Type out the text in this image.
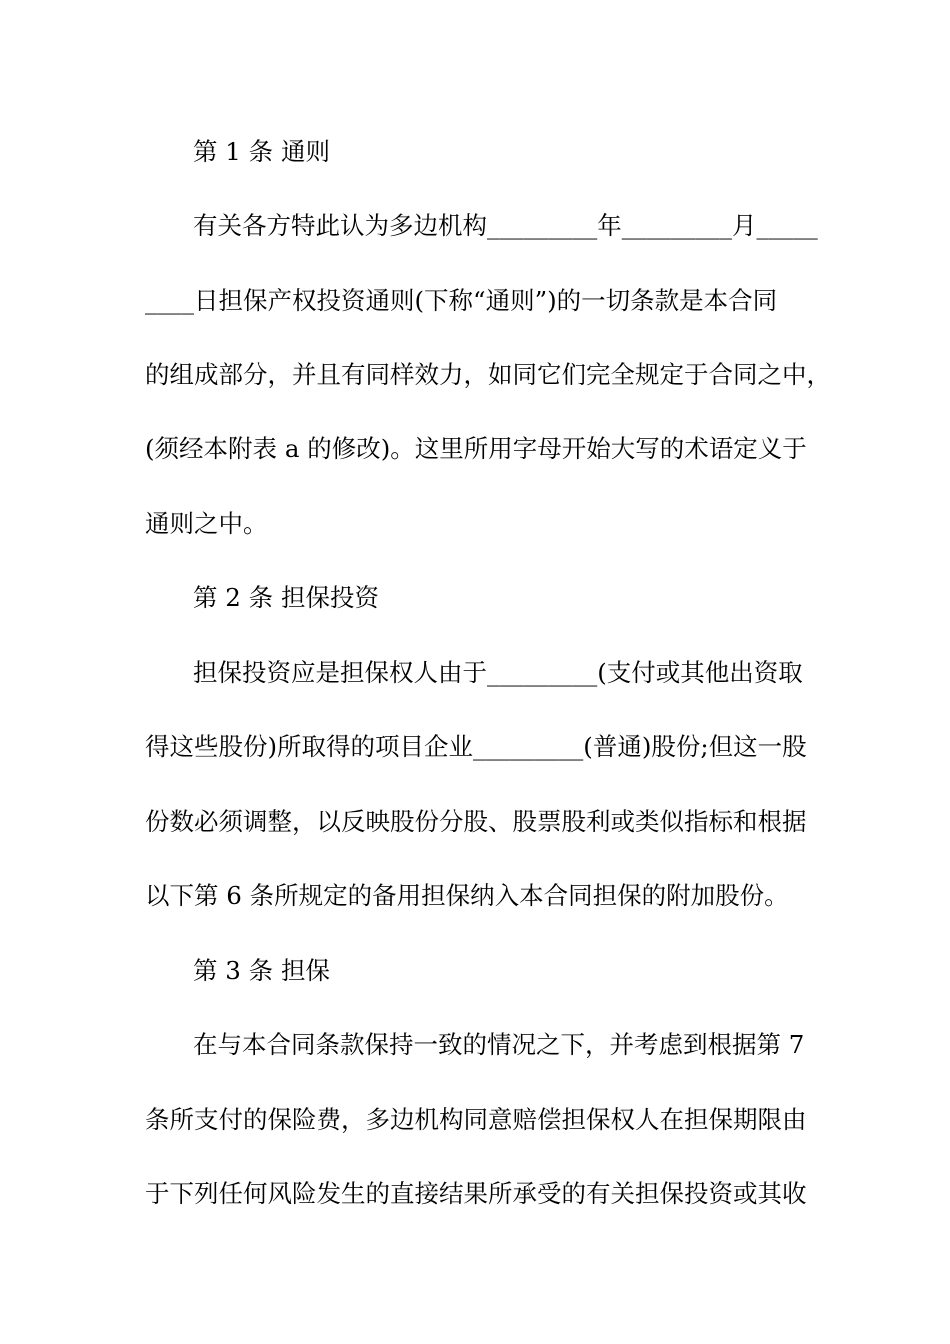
第 1 条 通则
有关各方特此认为多边机构_________年_________月_____
____日担保产权投资通则(下称“通则”)的一切条款是本合同
的组成部分，并且有同样效力，如同它们完全规定于合同之中，
(须经本附表 a 的修改)。这里所用字母开始大写的术语定义于
通则之中。
第 2 条 担保投资
担保投资应是担保权人由于_________(支付或其他出资取
得这些股份)所取得的项目企业_________(普通)股份;但这一股
份数必须调整，以反映股份分股、股票股利或类似指标和根据
以下第 6 条所规定的备用担保纳入本合同担保的附加股份。
第 3 条 担保
在与本合同条款保持一致的情况之下，并考虑到根据第 7
条所支付的保险费，多边机构同意赔偿担保权人在担保期限由
于下列任何风险发生的直接结果所承受的有关担保投资或其收
